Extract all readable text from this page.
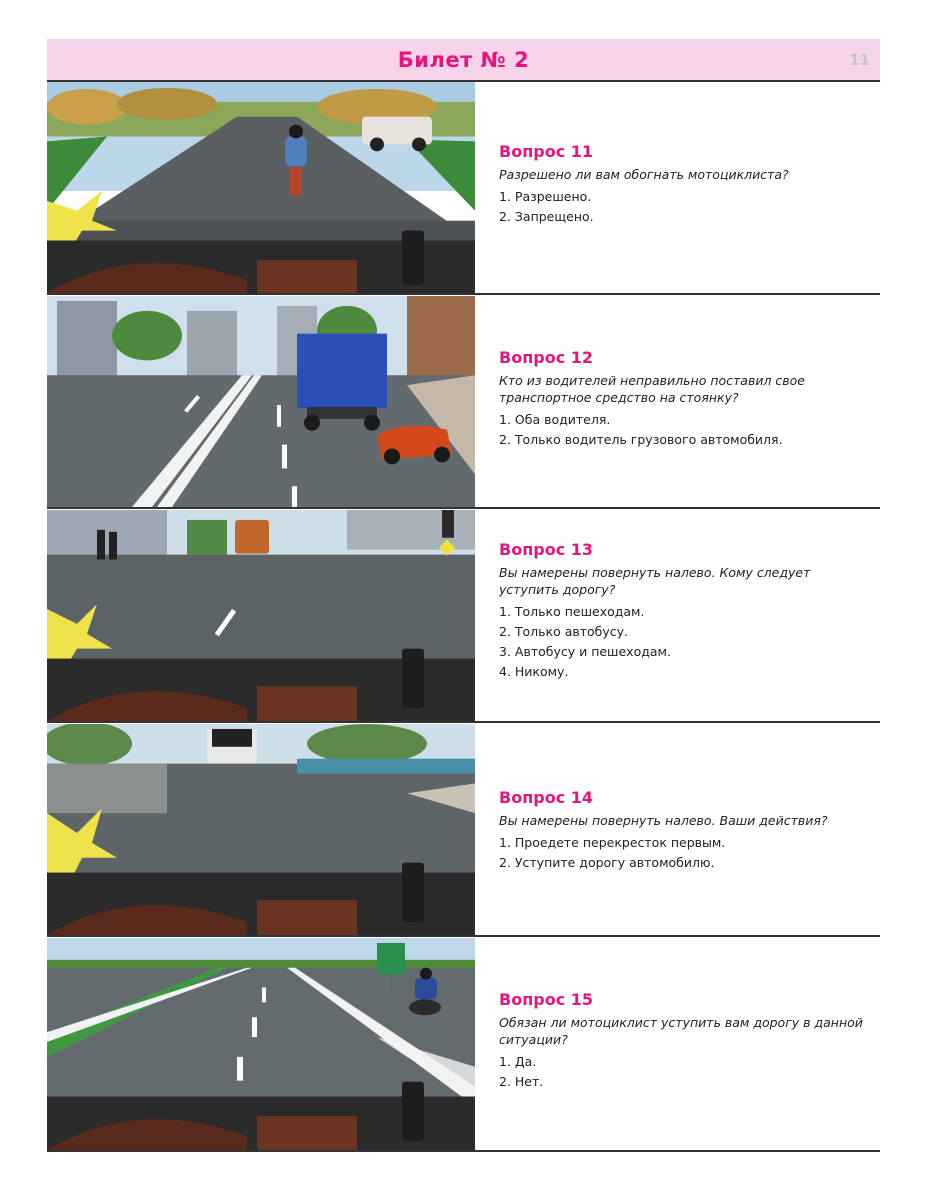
Билет № 2	11
Вопрос 11
Разрешено ли вам обогнать мотоциклиста?
1. Разрешено.
2. Запрещено.
Вопрос 12
Кто из водителей неправильно поставил свое транспортное средство на стоянку?
1. Оба водителя.
2. Только водитель грузового автомобиля.
Вопрос 13
Вы намерены повернуть налево. Кому следует уступить дорогу?
1. Только пешеходам.
2. Только автобусу.
3. Автобусу и пешеходам.
4. Никому.
Вопрос 14
Вы намерены повернуть налево. Ваши действия?
1. Проедете перекресток первым.
2. Уступите дорогу автомобилю.
Вопрос 15
Обязан ли мотоциклист уступить вам дорогу в данной ситуации?
1. Да.
2. Нет.
